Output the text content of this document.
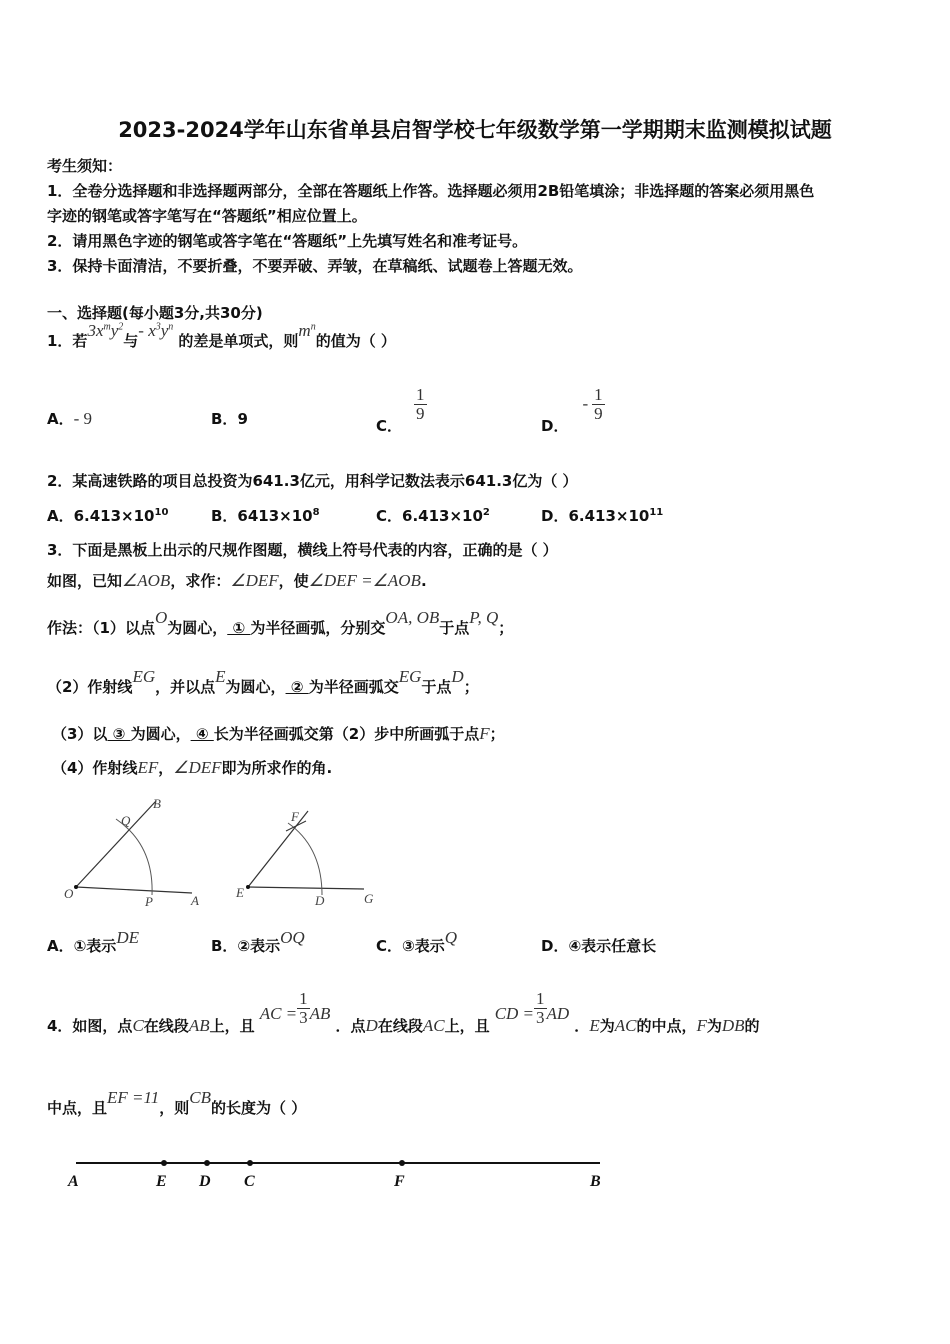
2023-2024学年山东省单县启智学校七年级数学第一学期期末监测模拟试题
考生须知：
1．全卷分选择题和非选择题两部分，全部在答题纸上作答。选择题必须用2B铅笔填涂；非选择题的答案必须用黑色
字迹的钢笔或答字笔写在“答题纸”相应位置上。
2．请用黑色字迹的钢笔或答字笔在“答题纸”上先填写姓名和准考证号。
3．保持卡面清洁，不要折叠，不要弄破、弄皱，在草稿纸、试题卷上答题无效。
一、选择题(每小题3分,共30分)
1．若$3x^my^2$与- $x^3y^n$ 的差是单项式，则$m^n$的值为（ ）
A．- 9	B．9	C．
$\frac{1}{9}$
D．- $\frac{1}{9}$
2．某高速铁路的项目总投资为641.3亿元，用科学记数法表示641.3亿为（ ）
A．$6.413\times 10^{10}$	B．$6413\times 10^8$	C．$6.413\times 10^2$	D．$6.413\times 10^{11}$
3．下面是黑板上出示的尺规作图题，横线上符号代表的内容，正确的是（ ）
如图，已知∠AOB，求作：∠DEF，使∠DEF =∠AOB.
作法：（1）以点O为圆心， ① 为半径画弧，分别交OA, OB于点P, Q；
（2）作射线EG，并以点E为圆心， ② 为半径画弧交EG于点D；
（3）以 ③ 为圆心， ④ 长为半径画弧交第（2）步中所画弧于点F；
（4）作射线EF，∠DEF即为所求作的角.
O
P	A
Q
B
E
D	G
F
A．①表示DE	B．②表示OQ	C．③表示Q	D．④表示任意长
4．如图，点C在线段AB上，且 AC = $\frac{1}{3}$ AB ．点D在线段AC上，且 CD = $\frac{1}{3}$ AD ．E为AC的中点，F为DB的
中点，且EF =11，则CB的长度为（ ）
A	E D C	F	B
